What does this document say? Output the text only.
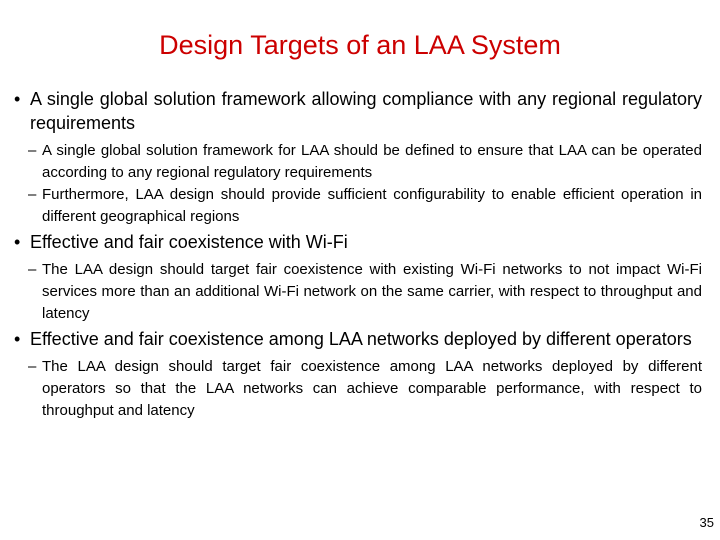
Design Targets of an LAA System
• A single global solution framework allowing compliance with any regional regulatory requirements
– A single global solution framework for LAA should be defined to ensure that LAA can be operated according to any regional regulatory requirements
– Furthermore, LAA design should provide sufficient configurability to enable efficient operation in different geographical regions
• Effective and fair coexistence with Wi-Fi
– The LAA design should target fair coexistence with existing Wi-Fi networks to not impact Wi-Fi services more than an additional Wi-Fi network on the same carrier, with respect to throughput and latency
• Effective and fair coexistence among LAA networks deployed by different operators
– The LAA design should target fair coexistence among LAA networks deployed by different operators so that the LAA networks can achieve comparable performance, with respect to throughput and latency
35
